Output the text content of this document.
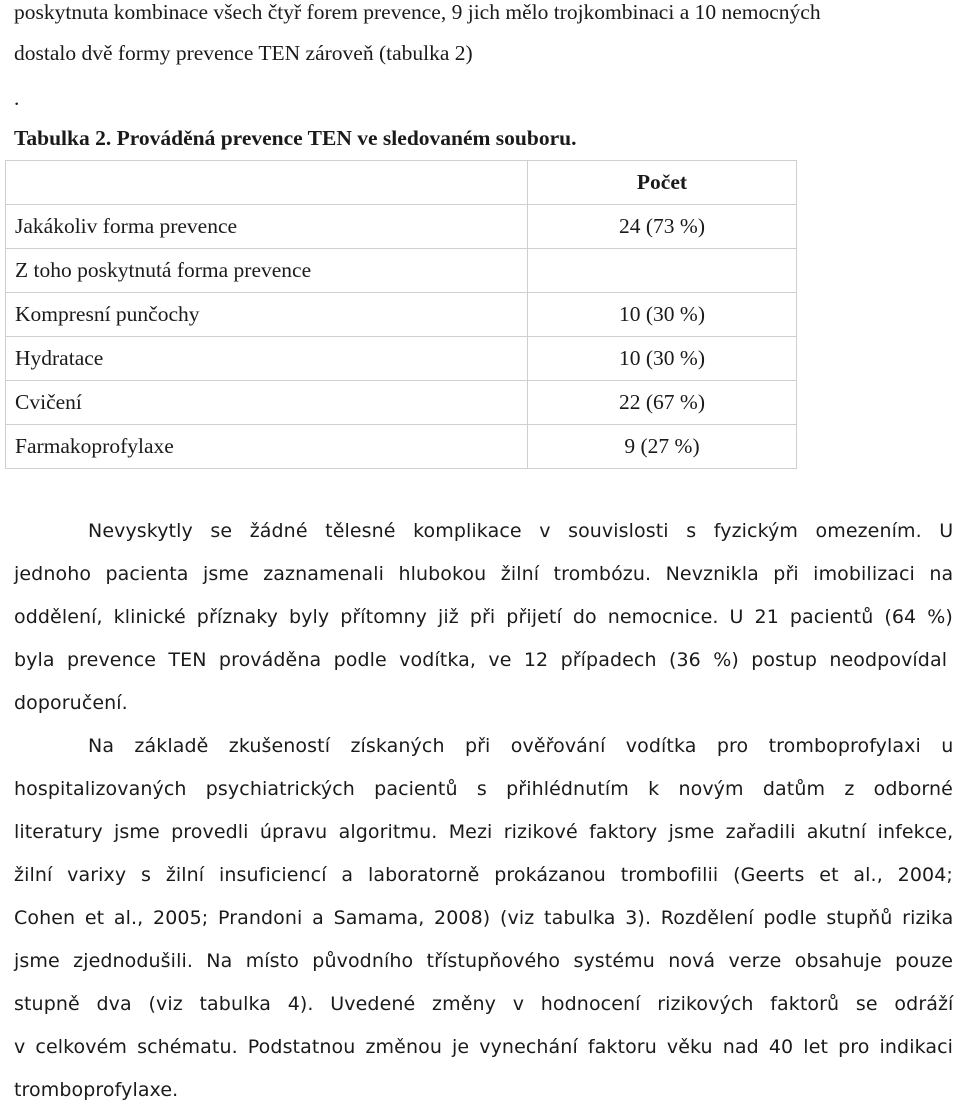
poskytnuta kombinace všech čtyř forem prevence, 9 jich mělo trojkombinaci a 10 nemocných
dostalo dvě formy prevence TEN zároveň (tabulka 2)
.
Tabulka 2. Prováděná prevence TEN ve sledovaném souboru.
	Počet
Jakákoliv forma prevence	24 (73 %)
Z toho poskytnutá forma prevence	
Kompresní punčochy	10 (30 %)
Hydratace	10 (30 %)
Cvičení	22 (67 %)
Farmakoprofylaxe	9 (27 %)
Nevyskytly se žádné tělesné komplikace v souvislosti s fyzickým omezením. U
jednoho pacienta jsme zaznamenali hlubokou žilní trombózu. Nevznikla při imobilizaci na
oddělení, klinické příznaky byly přítomny již při přijetí do nemocnice. U 21 pacientů (64 %)
byla prevence TEN prováděna podle vodítka, ve 12 případech (36 %) postup neodpovídal
doporučení.
Na základě zkušeností získaných při ověřování vodítka pro tromboprofylaxi u
hospitalizovaných psychiatrických pacientů s přihlédnutím k novým datům z odborné
literatury jsme provedli úpravu algoritmu. Mezi rizikové faktory jsme zařadili akutní infekce,
žilní varixy s žilní insuficiencí a laboratorně prokázanou trombofilii (Geerts et al., 2004;
Cohen et al., 2005; Prandoni a Samama, 2008) (viz tabulka 3). Rozdělení podle stupňů rizika
jsme zjednodušili. Na místo původního třístupňového systému nová verze obsahuje pouze
stupně dva (viz tabulka 4). Uvedené změny v hodnocení rizikových faktorů se odráží
v celkovém schématu. Podstatnou změnou je vynechání faktoru věku nad 40 let pro indikaci
tromboprofylaxe.
